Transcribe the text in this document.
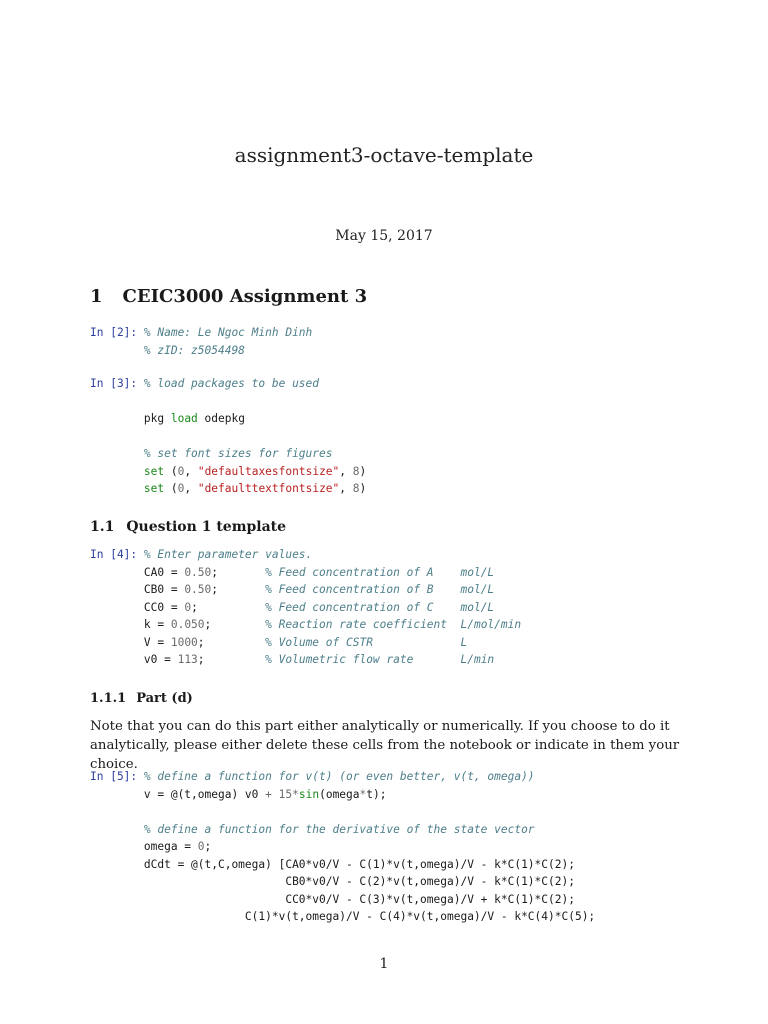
assignment3-octave-template
May 15, 2017
1 CEIC3000 Assignment 3
In [2]: % Name: Le Ngoc Minh Dinh
% zID: z5054498
In [3]: % load packages to be used

pkg load odepkg

% set font sizes for figures
set (0, "defaultaxesfontsize", 8)
set (0, "defaulttextfontsize", 8)
1.1 Question 1 template
In [4]: % Enter parameter values.
CA0 = 0.50;       % Feed concentration of A    mol/L
CB0 = 0.50;       % Feed concentration of B    mol/L
CC0 = 0;          % Feed concentration of C    mol/L
k = 0.050;        % Reaction rate coefficient  L/mol/min
V = 1000;         % Volume of CSTR             L
v0 = 113;         % Volumetric flow rate       L/min
1.1.1 Part (d)

Note that you can do this part either analytically or numerically. If you choose to do it analytically, please either delete these cells from the notebook or indicate in them your choice.

In [5]: % define a function for v(t) (or even better, v(t, omega))
v = @(t,omega) v0 + 15*sin(omega*t);

% define a function for the derivative of the state vector
omega = 0;
dCdt = @(t,C,omega) [CA0*v0/V - C(1)*v(t,omega)/V - k*C(1)*C(2);
CB0*v0/V - C(2)*v(t,omega)/V - k*C(1)*C(2);
CC0*v0/V - C(3)*v(t,omega)/V + k*C(1)*C(2);
C(1)*v(t,omega)/V - C(4)*v(t,omega)/V - k*C(4)*C(5);
1
